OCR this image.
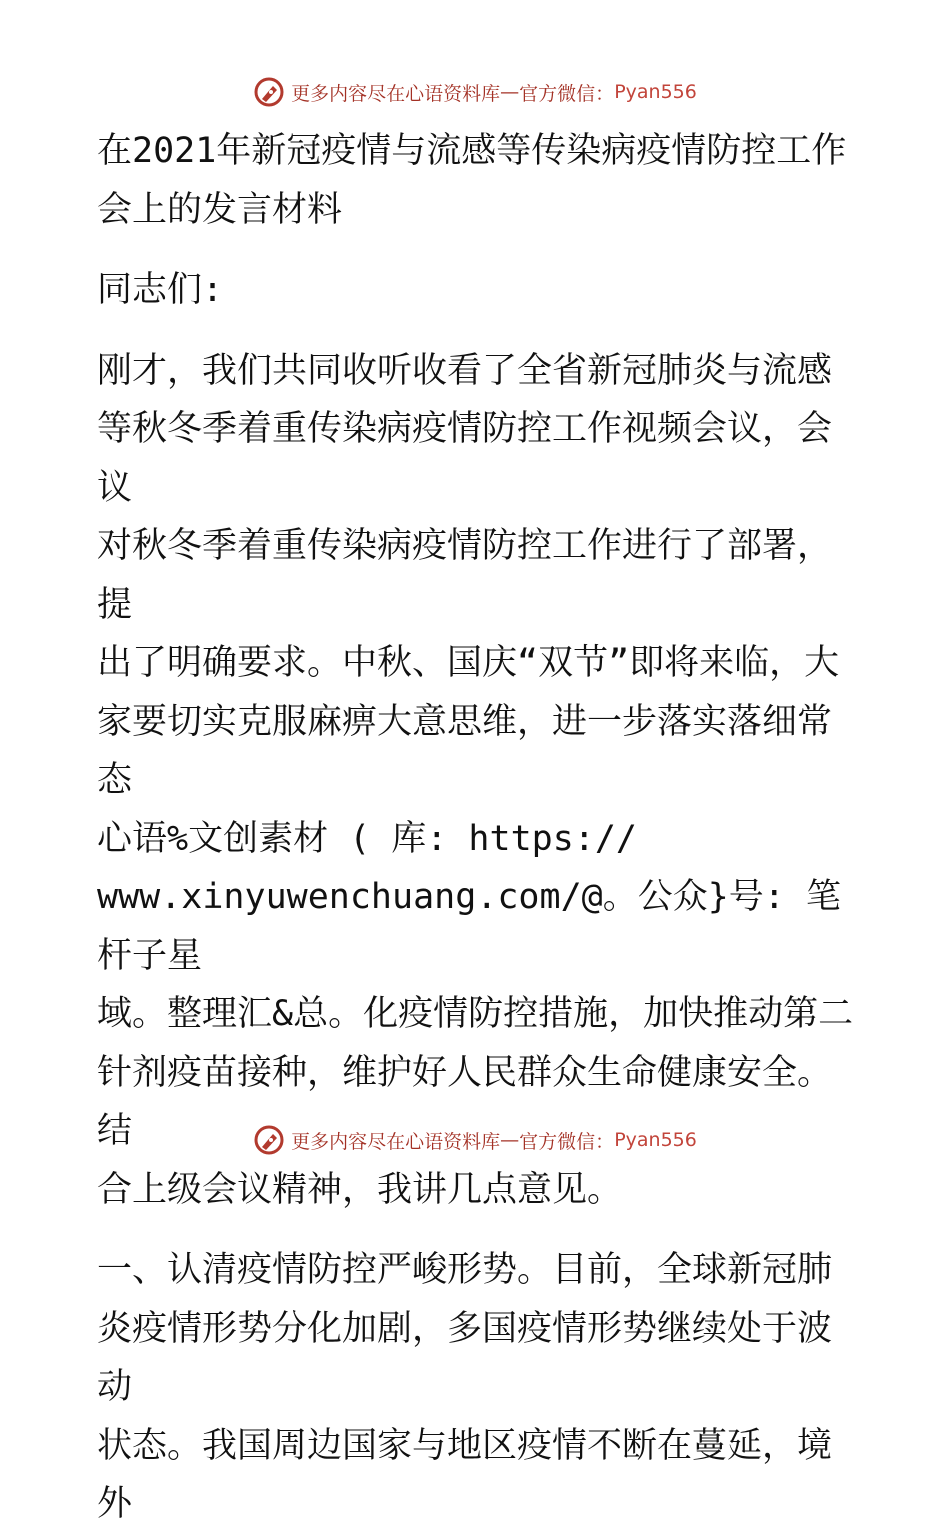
更多内容尽在心语资料库 — 官方微信： Pyan556

在2021年新冠疫情与流感等传染病疫情防控工作

会上的发言材料

同志们:

刚才，我们共同收听收看了全省新冠肺炎与流感

等秋冬季着重传染病疫情防控工作视频会议，会议

对秋冬季着重传染病疫情防控工作进行了部署，提

出了明确要求。中秋、国庆“双节”即将来临，大

家要切实克服麻痹大意思维，进一步落实落细常态

心语%文创素材 ( 库: https://

www.xinyuwenchuang.com/@。公众}号: 笔杆子星

域。整理汇&总。化疫情防控措施，加快推动第二

针剂疫苗接种，维护好人民群众生命健康安全。结

合上级会议精神，我讲几点意见。

一、认清疫情防控严峻形势。目前，全球新冠肺

炎疫情形势分化加剧，多国疫情形势继续处于波动

状态。我国周边国家与地区疫情不断在蔓延，境外

更多内容尽在心语资料库 — 官方微信： Pyan556
